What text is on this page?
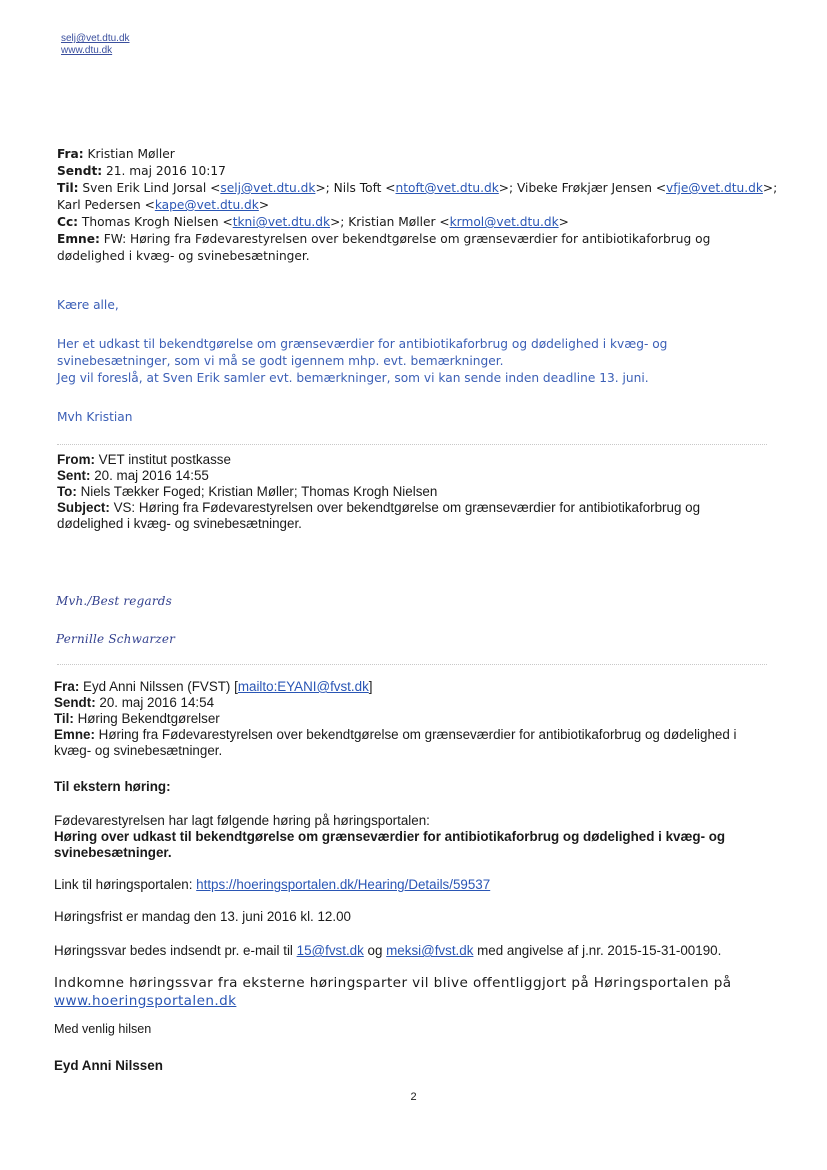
selj@vet.dtu.dk
www.dtu.dk

Fra: Kristian Møller

Sendt: 21. maj 2016 10:17

Til: Sven Erik Lind Jorsal <selj@vet.dtu.dk>; Nils Toft <ntoft@vet.dtu.dk>; Vibeke Frøkjær Jensen <vfje@vet.dtu.dk>;

Karl Pedersen <kape@vet.dtu.dk>

Cc: Thomas Krogh Nielsen <tkni@vet.dtu.dk>; Kristian Møller <krmol@vet.dtu.dk>

Emne: FW: Høring fra Fødevarestyrelsen over bekendtgørelse om grænseværdier for antibiotikaforbrug og

dødelighed i kvæg- og svinebesætninger.

Kære alle,

Her et udkast til bekendtgørelse om grænseværdier for antibiotikaforbrug og dødelighed i kvæg- og

svinebesætninger, som vi må se godt igennem mhp. evt. bemærkninger.

Jeg vil foreslå, at Sven Erik samler evt. bemærkninger, som vi kan sende inden deadline 13. juni.

Mvh Kristian

From: VET institut postkasse

Sent: 20. maj 2016 14:55

To: Niels Tækker Foged; Kristian Møller; Thomas Krogh Nielsen

Subject: VS: Høring fra Fødevarestyrelsen over bekendtgørelse om grænseværdier for antibiotikaforbrug og

dødelighed i kvæg- og svinebesætninger.

Mvh./Best regards
Pernille Schwarzer

Fra: Eyd Anni Nilssen (FVST) [mailto:EYANI@fvst.dk]

Sendt: 20. maj 2016 14:54

Til: Høring Bekendtgørelser

Emne: Høring fra Fødevarestyrelsen over bekendtgørelse om grænseværdier for antibiotikaforbrug og dødelighed i

kvæg- og svinebesætninger.

Til ekstern høring:

Fødevarestyrelsen har lagt følgende høring på høringsportalen:

Høring over udkast til bekendtgørelse om grænseværdier for antibiotikaforbrug og dødelighed i kvæg- og

svinebesætninger.

Link til høringsportalen: https://hoeringsportalen.dk/Hearing/Details/59537
Høringsfrist er mandag den 13. juni 2016 kl. 12.00
Høringssvar bedes indsendt pr. e-mail til 15@fvst.dk og meksi@fvst.dk med angivelse af j.nr. 2015-15-31-00190.

Indkomne høringssvar fra eksterne høringsparter vil blive offentliggjort på Høringsportalen på

www.hoeringsportalen.dk

Med venlig hilsen
Eyd Anni Nilssen
2
